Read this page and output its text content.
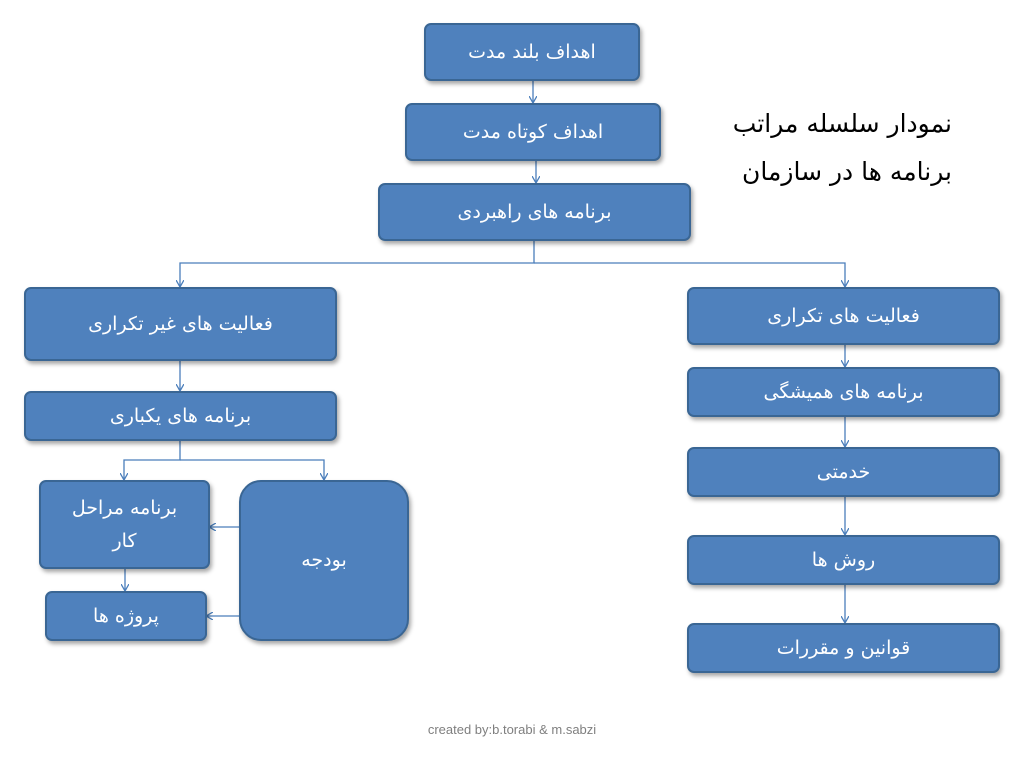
اهداف بلند مدت
اهداف کوتاه مدت
برنامه های راهبردی
نمودار سلسله مراتب
برنامه ها در سازمان
فعالیت های غیر تکراری
برنامه های یکباری
برنامه مراحل کار
پروژه ها
بودجه
فعالیت های تکراری
برنامه های همیشگی
خدمتی
روش ها
قوانین و مقررات
created by:b.torabi & m.sabzi
